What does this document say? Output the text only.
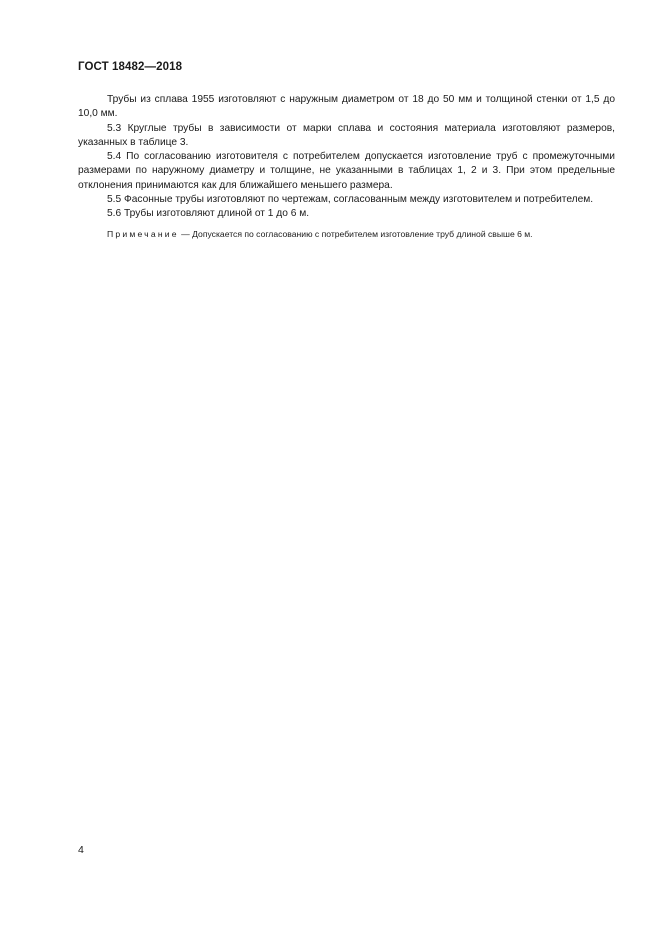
ГОСТ 18482—2018

Трубы из сплава 1955 изготовляют с наружным диаметром от 18 до 50 мм и толщиной стенки от 1,5 до 10,0 мм.

5.3 Круглые трубы в зависимости от марки сплава и состояния материала изготовляют размеров, указанных в таблице 3.

5.4 По согласованию изготовителя с потребителем допускается изготовление труб с промежуточными размерами по наружному диаметру и толщине, не указанными в таблицах 1, 2 и 3. При этом предельные отклонения принимаются как для ближайшего меньшего размера.

5.5 Фасонные трубы изготовляют по чертежам, согласованным между изготовителем и потребителем.

5.6 Трубы изготовляют длиной от 1 до 6 м.

Примечание — Допускается по согласованию с потребителем изготовление труб длиной свыше 6 м.

4
